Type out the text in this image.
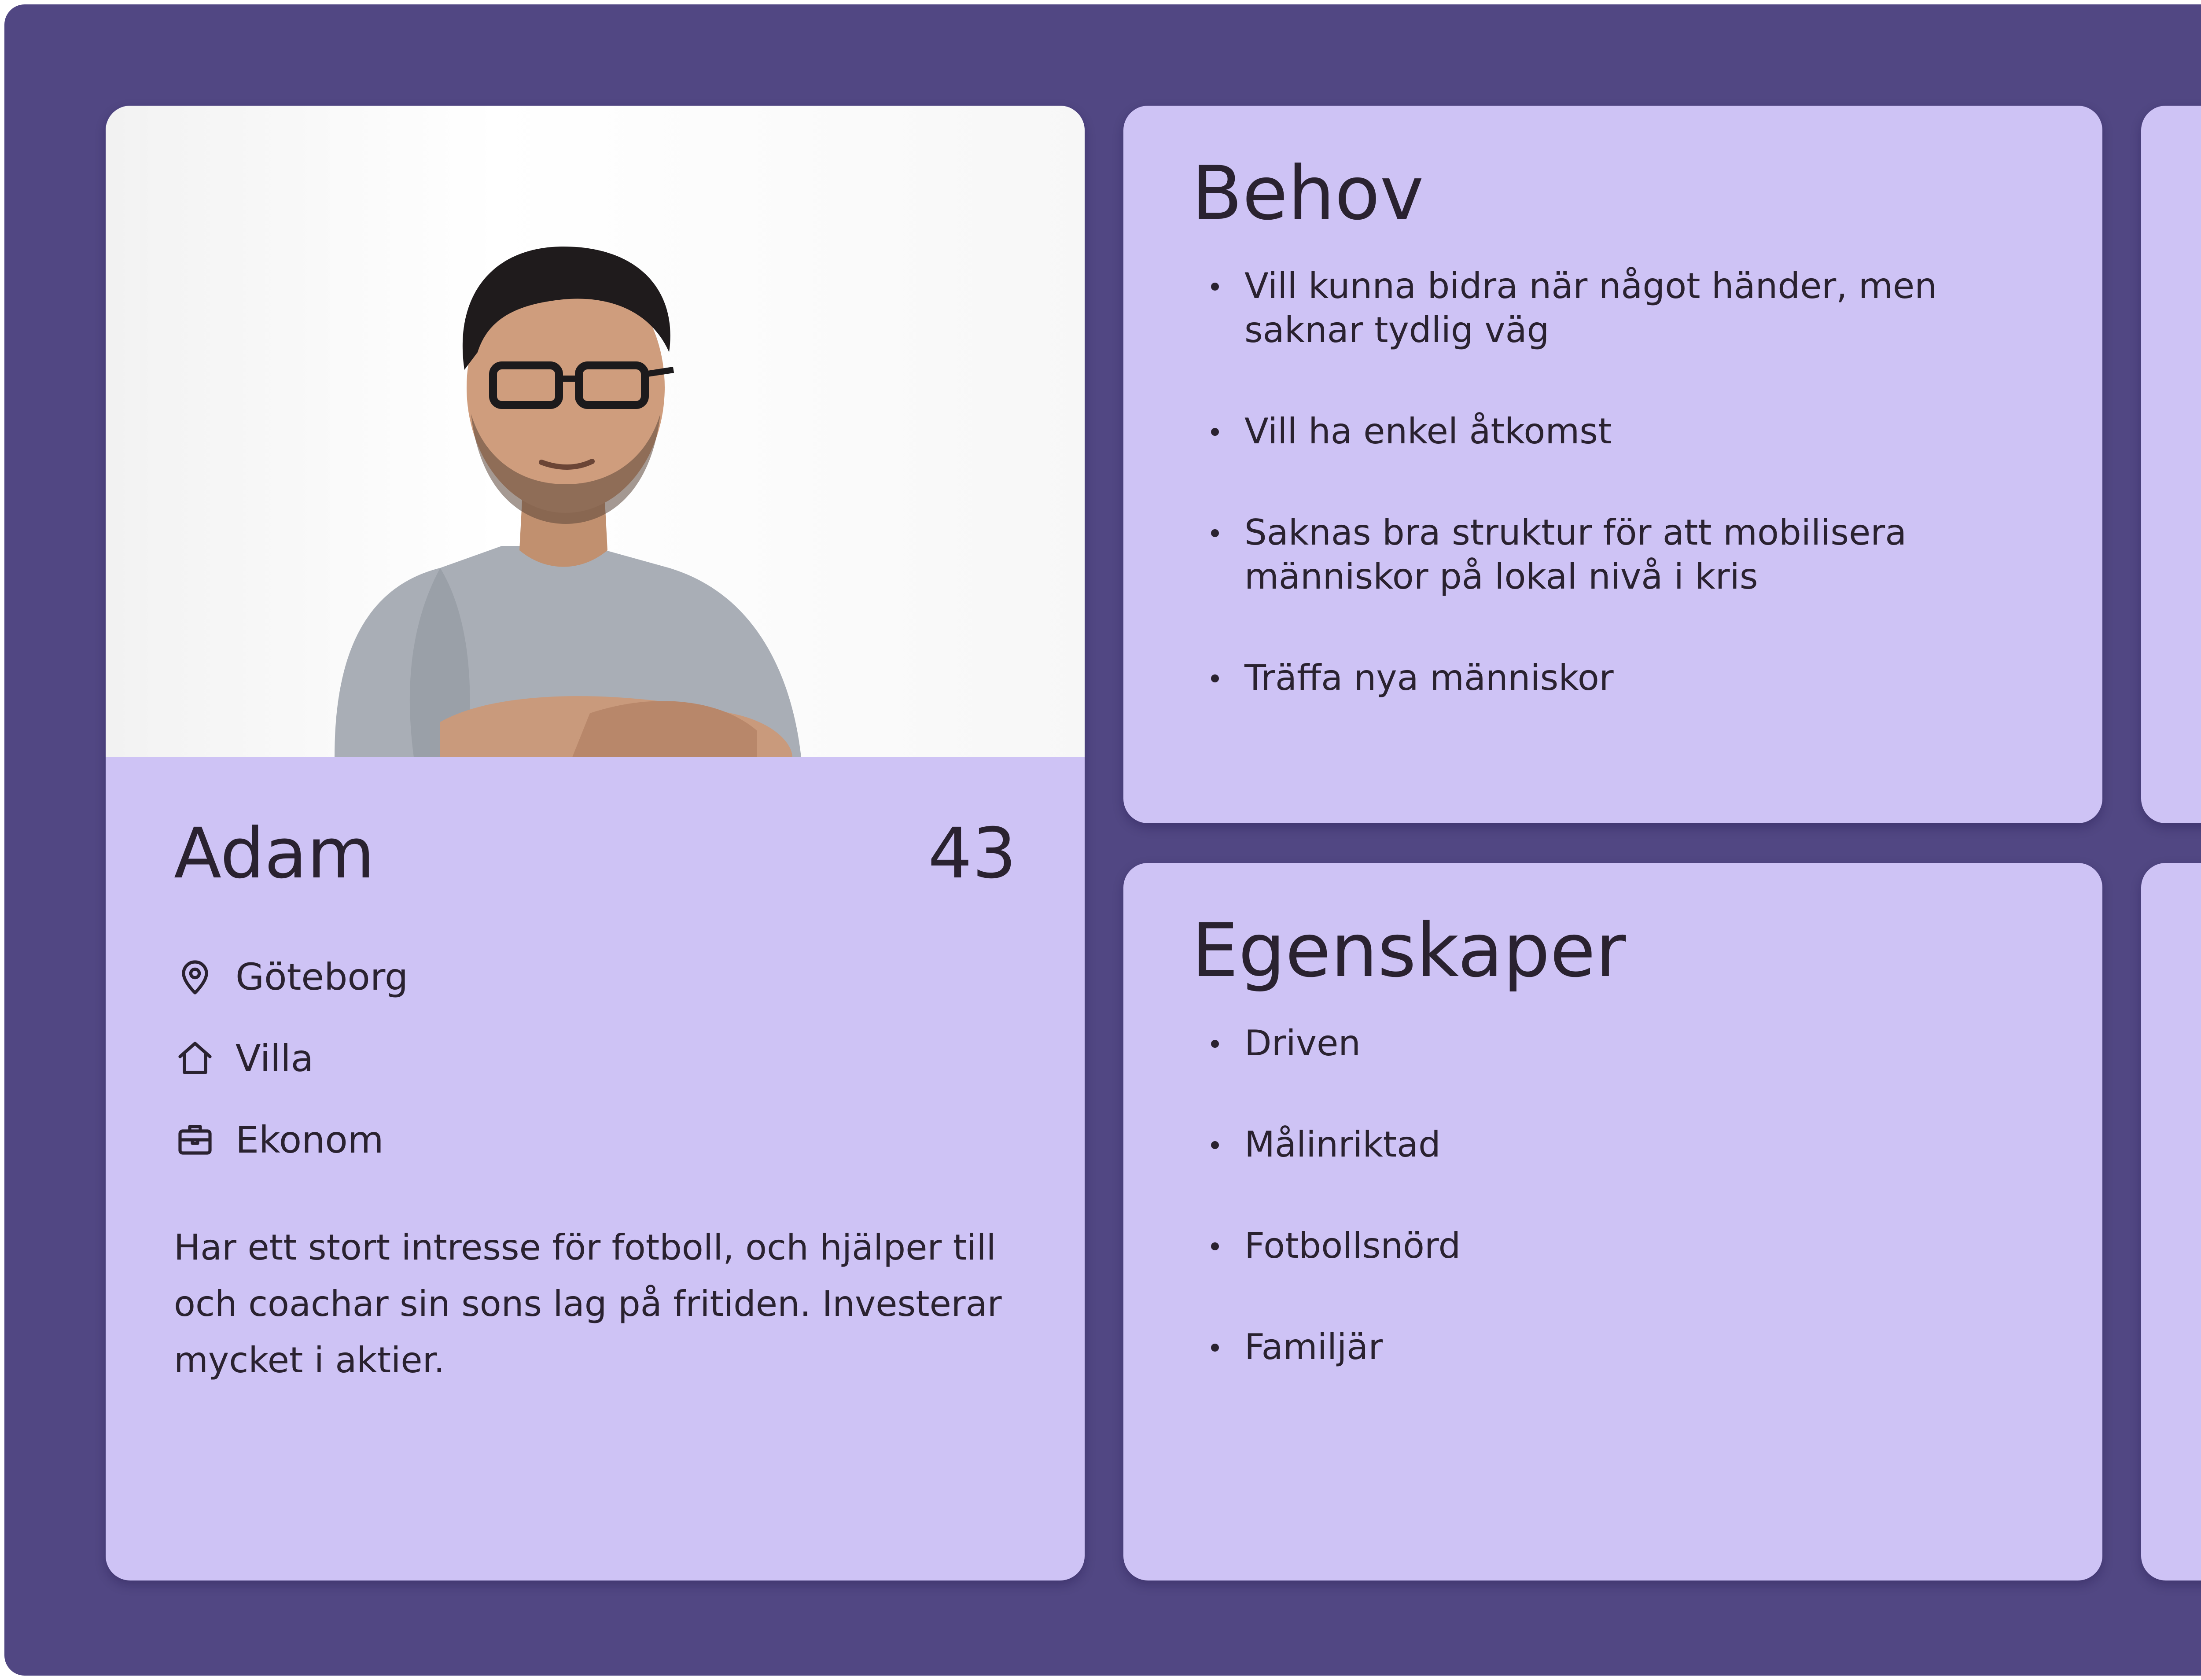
Adam	43
Göteborg
Villa
Ekonom
Har ett stort intresse för fotboll, och hjälper till och coachar sin sons lag på fritiden. Investerar mycket i aktier.
Behov
Vill kunna bidra när något händer, men saknar tydlig väg
Vill ha enkel åtkomst
Saknas bra struktur för att mobilisera människor på lokal nivå i kris
Träffa nya människor
Egenskaper
Driven
Målinriktad
Fotbollsnörd
Familjär
